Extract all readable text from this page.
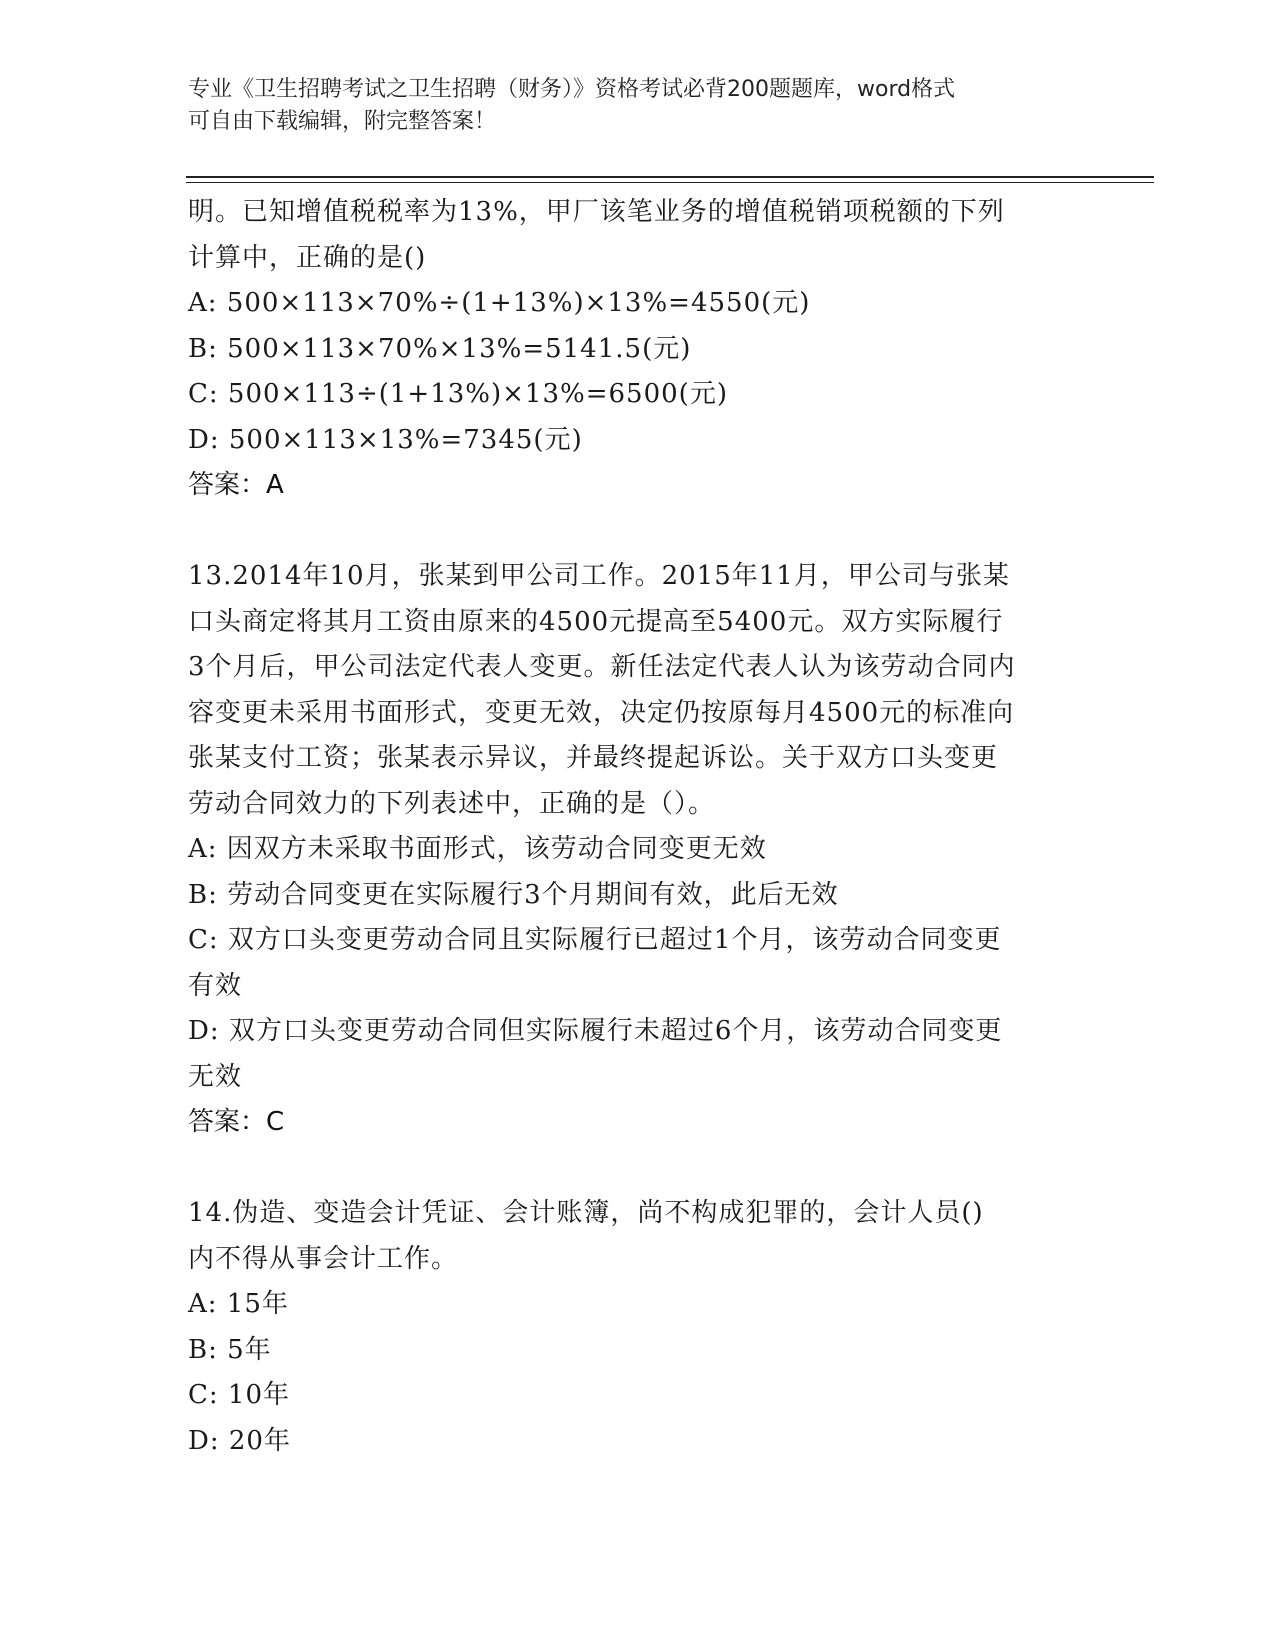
专业《卫生招聘考试之卫生招聘（财务）》资格考试必背200题题库，word格式
可自由下载编辑，附完整答案！
明。已知增值税税率为13%，甲厂该笔业务的增值税销项税额的下列
计算中，正确的是()
A: 500×113×70%÷(1+13%)×13%=4550(元)
B: 500×113×70%×13%=5141.5(元)
C: 500×113÷(1+13%)×13%=6500(元)
D: 500×113×13%=7345(元)
答案：A
13.2014年10月，张某到甲公司工作。2015年11月，甲公司与张某
口头商定将其月工资由原来的4500元提高至5400元。双方实际履行
3个月后，甲公司法定代表人变更。新任法定代表人认为该劳动合同内
容变更未采用书面形式，变更无效，决定仍按原每月4500元的标准向
张某支付工资；张某表示异议，并最终提起诉讼。关于双方口头变更
劳动合同效力的下列表述中，正确的是（）。
A: 因双方未采取书面形式，该劳动合同变更无效
B: 劳动合同变更在实际履行3个月期间有效，此后无效
C: 双方口头变更劳动合同且实际履行已超过1个月，该劳动合同变更
有效
D: 双方口头变更劳动合同但实际履行未超过6个月，该劳动合同变更
无效
答案：C
14.伪造、变造会计凭证、会计账簿，尚不构成犯罪的，会计人员()
内不得从事会计工作。
A: 15年
B: 5年
C: 10年
D: 20年
